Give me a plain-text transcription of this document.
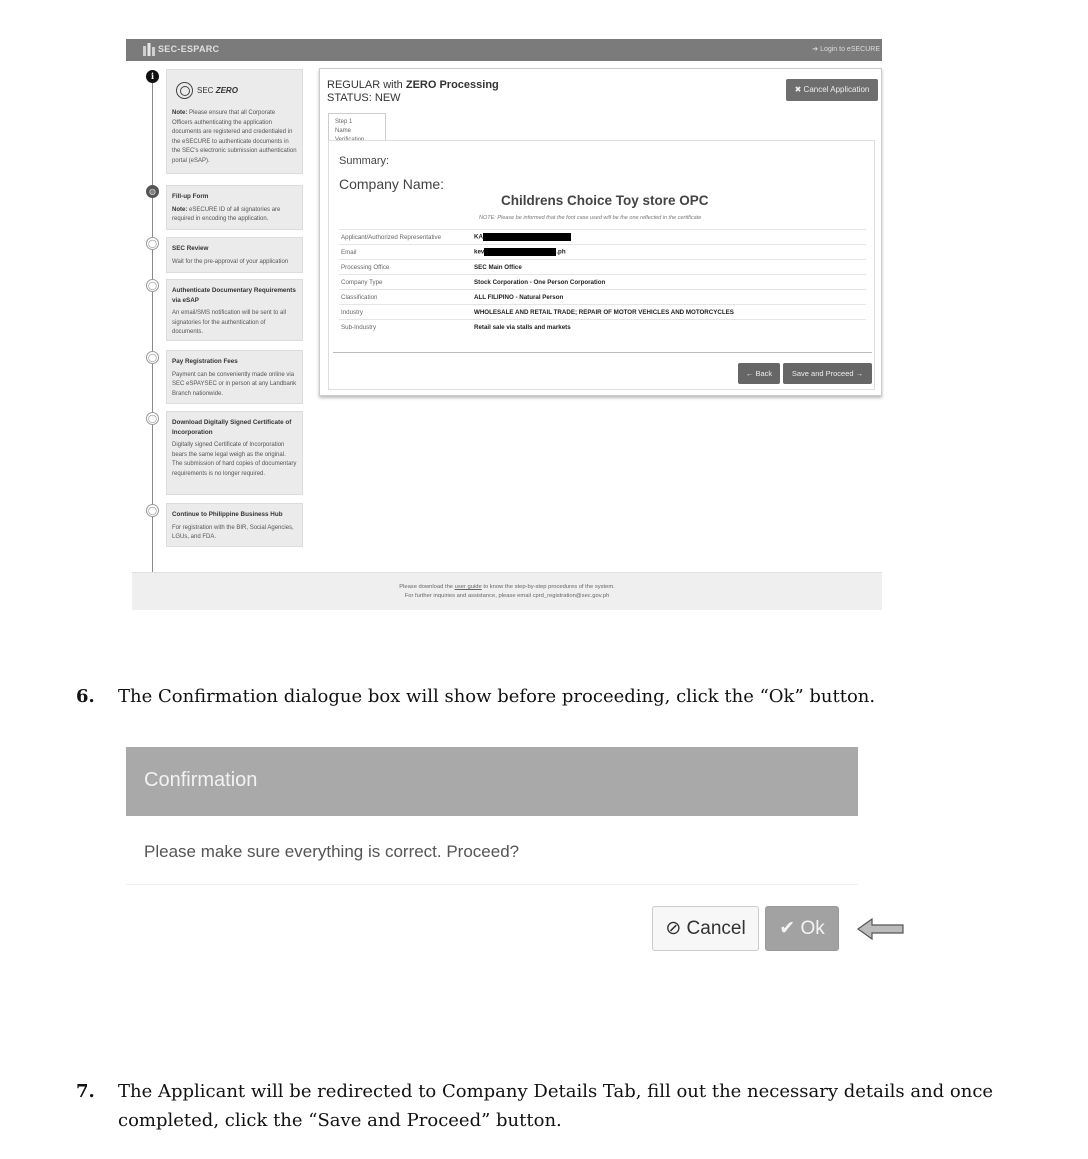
SEC-ESPARC	➔ Login to eSECURE
i
SEC ZERO
Note: Please ensure that all Corporate Officers authenticating the application documents are registered and credentialed in the eSECURE to authenticate documents in the SEC's electronic submission authentication portal (eSAP).
◍
Fill-up Form
Note: eSECURE ID of all signatories are required in encoding the application.
◯
SEC Review
Wait for the pre-approval of your application
◯
Authenticate Documentary Requirements via eSAP
An email/SMS notification will be sent to all signatories for the authentication of documents.
◯	Pay Registration Fees
Payment can be conveniently made online via SEC eSPAYSEC or in person at any Landbank Branch nationwide.
◯	Download Digitally Signed Certificate of Incorporation
Digitally signed Certificate of Incorporation bears the same legal weigh as the original. The submission of hard copies of documentary requirements is no longer required.
◯	Continue to Philippine Business Hub
For registration with the BIR, Social Agencies, LGUs, and FDA.
REGULAR with ZERO Processing
STATUS: NEW
✖ Cancel Application
Step 1
Name Verification
Summary:
Company Name:
Childrens Choice Toy store OPC
NOTE: Please be informed that the font case used will be the one reflected in the certificate
Applicant/Authorized Representative	KA
Email	kev .ph
Processing Office	SEC Main Office
Company Type	Stock Corporation - One Person Corporation
Classification	ALL FILIPINO - Natural Person
Industry	WHOLESALE AND RETAIL TRADE; REPAIR OF MOTOR VEHICLES AND MOTORCYCLES
Sub-Industry	Retail sale via stalls and markets
← Back	Save and Proceed →
Please download the user guide to know the step-by-step procedures of the system.
For further inquiries and assistance, please email cprd_registration@sec.gov.ph
6. The Confirmation dialogue box will show before proceeding, click the “Ok” button.
Confirmation
Please make sure everything is correct. Proceed?
⊘ Cancel	✔ Ok
7. The Applicant will be redirected to Company Details Tab, fill out the necessary details and once
completed, click the “Save and Proceed” button.
